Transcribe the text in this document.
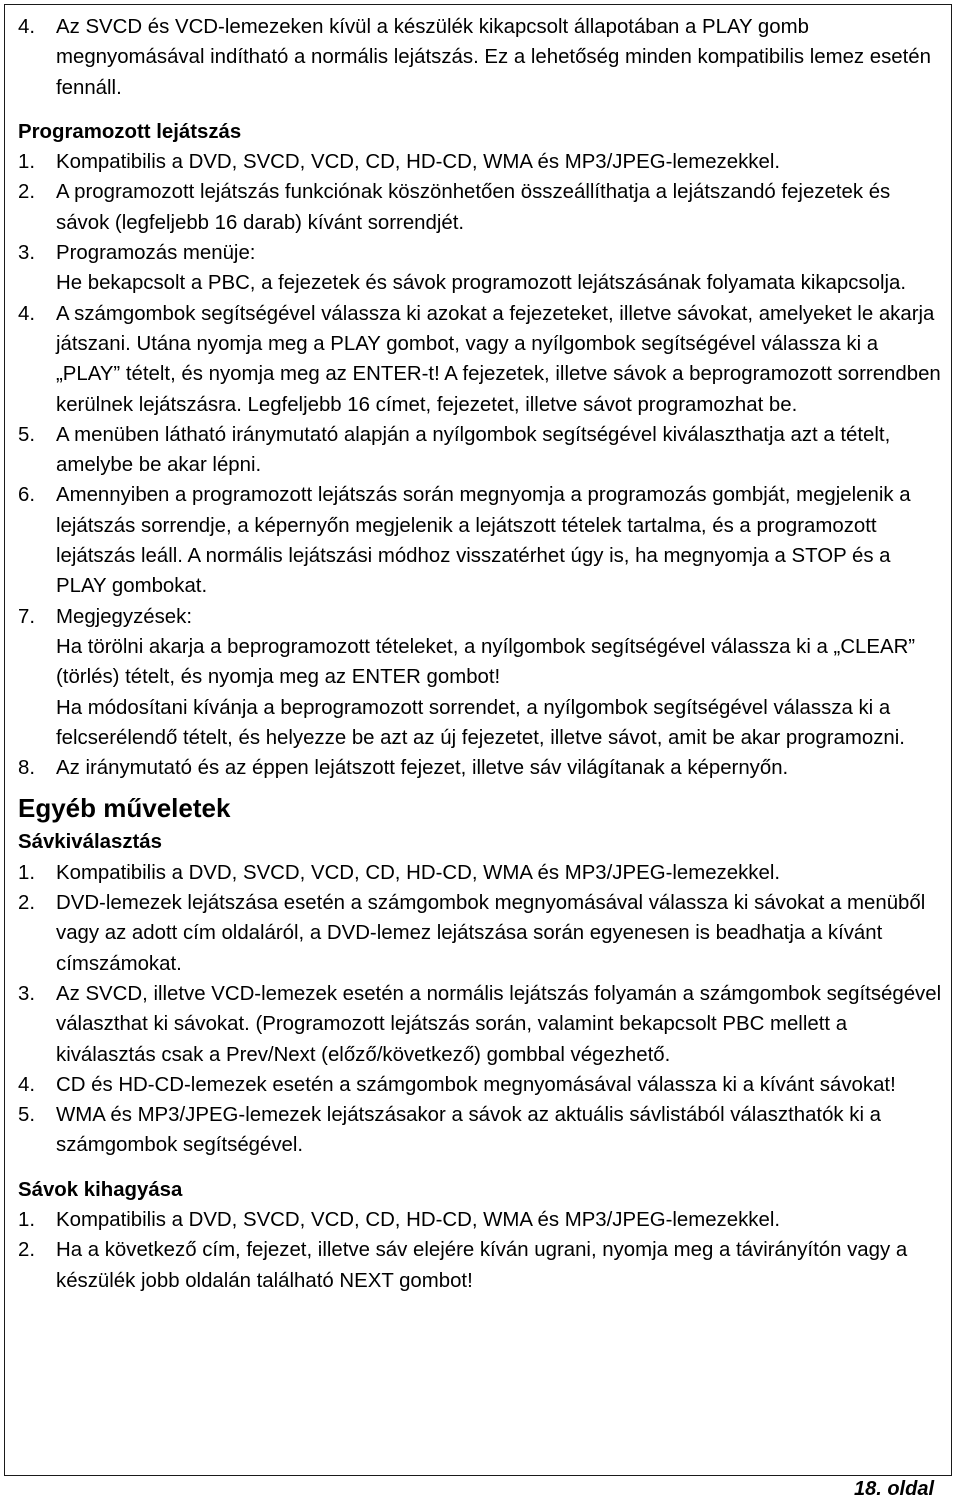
4.	Az SVCD és VCD-lemezeken kívül a készülék kikapcsolt állapotában a PLAY gomb megnyomásával indítható a normális lejátszás. Ez a lehetőség minden kompatibilis lemez esetén fennáll.

Programozott lejátszás
1.	Kompatibilis a DVD, SVCD, VCD, CD, HD-CD, WMA és MP3/JPEG-lemezekkel.

2.	A programozott lejátszás funkciónak köszönhetően összeállíthatja a lejátszandó fejezetek és sávok (legfeljebb 16 darab) kívánt sorrendjét.

3.	Programozás menüje:

He bekapcsolt a PBC, a fejezetek és sávok programozott lejátszásának folyamata kikapcsolja.

4.	A számgombok segítségével válassza ki azokat a fejezeteket, illetve sávokat, amelyeket le akarja játszani. Utána nyomja meg a PLAY gombot, vagy a nyílgombok segítségével válassza ki a „PLAY” tételt, és nyomja meg az ENTER-t! A fejezetek, illetve sávok a beprogramozott sorrendben kerülnek lejátszásra. Legfeljebb 16 címet, fejezetet, illetve sávot programozhat be.

5.	A menüben látható iránymutató alapján a nyílgombok segítségével kiválaszthatja azt a tételt, amelybe be akar lépni.

6.	Amennyiben a programozott lejátszás során megnyomja a programozás gombját, megjelenik a lejátszás sorrendje, a képernyőn megjelenik a lejátszott tételek tartalma, és a programozott lejátszás leáll. A normális lejátszási módhoz visszatérhet úgy is, ha megnyomja a STOP és a PLAY gombokat.

7.	Megjegyzések:

Ha törölni akarja a beprogramozott tételeket, a nyílgombok segítségével válassza ki a „CLEAR” (törlés) tételt, és nyomja meg az ENTER gombot!

Ha módosítani kívánja a beprogramozott sorrendet, a nyílgombok segítségével válassza ki a felcserélendő tételt, és helyezze be azt az új fejezetet, illetve sávot, amit be akar programozni.

8.	Az iránymutató és az éppen lejátszott fejezet, illetve sáv világítanak a képernyőn.

Egyéb műveletek
Sávkiválasztás
1.	Kompatibilis a DVD, SVCD, VCD, CD, HD-CD, WMA és MP3/JPEG-lemezekkel.

2.	DVD-lemezek lejátszása esetén a számgombok megnyomásával válassza ki sávokat a menüből vagy az adott cím oldaláról, a DVD-lemez lejátszása során egyenesen is beadhatja a kívánt címszámokat.

3.	Az SVCD, illetve VCD-lemezek esetén a normális lejátszás folyamán a számgombok segítségével választhat ki sávokat. (Programozott lejátszás során, valamint bekapcsolt PBC mellett a kiválasztás csak a Prev/Next (előző/következő) gombbal végezhető.

4.	CD és HD-CD-lemezek esetén a számgombok megnyomásával válassza ki a kívánt sávokat!

5.	WMA és MP3/JPEG-lemezek lejátszásakor a sávok az aktuális sávlistából választhatók ki a számgombok segítségével.

Sávok kihagyása
1.	Kompatibilis a DVD, SVCD, VCD, CD, HD-CD, WMA és MP3/JPEG-lemezekkel.

2.	Ha a következő cím, fejezet, illetve sáv elejére kíván ugrani, nyomja meg a távirányítón vagy a készülék jobb oldalán található NEXT gombot!

18. oldal
